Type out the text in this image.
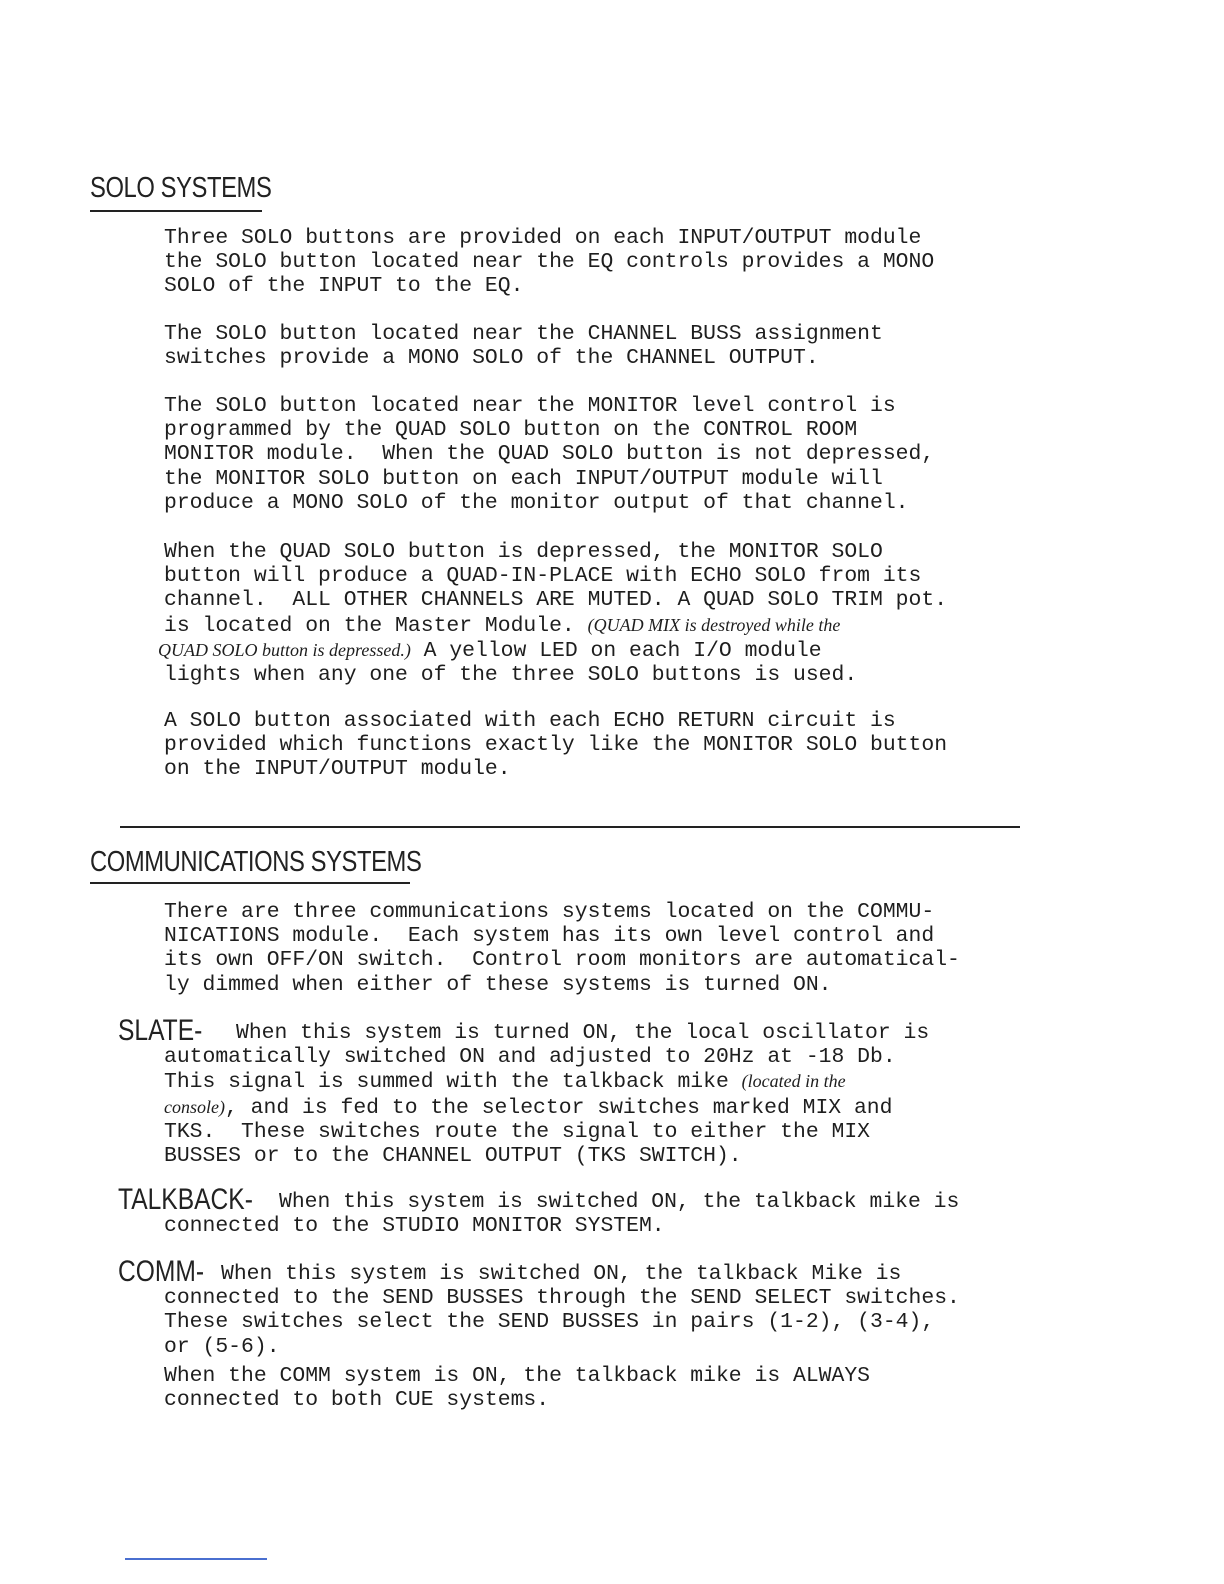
SOLO SYSTEMS
Three SOLO buttons are provided on each INPUT/OUTPUT module
the SOLO button located near the EQ controls provides a MONO
SOLO of the INPUT to the EQ.
The SOLO button located near the CHANNEL BUSS assignment
switches provide a MONO SOLO of the CHANNEL OUTPUT.
The SOLO button located near the MONITOR level control is
programmed by the QUAD SOLO button on the CONTROL ROOM
MONITOR module.  When the QUAD SOLO button is not depressed,
the MONITOR SOLO button on each INPUT/OUTPUT module will
produce a MONO SOLO of the monitor output of that channel.
When the QUAD SOLO button is depressed, the MONITOR SOLO
button will produce a QUAD-IN-PLACE with ECHO SOLO from its
channel.  ALL OTHER CHANNELS ARE MUTED. A QUAD SOLO TRIM pot.
is located on the Master Module. (QUAD MIX is destroyed while the
QUAD SOLO button is depressed.) A yellow LED on each I/O module
lights when any one of the three SOLO buttons is used.
A SOLO button associated with each ECHO RETURN circuit is
provided which functions exactly like the MONITOR SOLO button
on the INPUT/OUTPUT module.
COMMUNICATIONS SYSTEMS
There are three communications systems located on the COMMU-
NICATIONS module.  Each system has its own level control and
its own OFF/ON switch.  Control room monitors are automatical-
ly dimmed when either of these systems is turned ON.
SLATE- When this system is turned ON, the local oscillator is
automatically switched ON and adjusted to 20Hz at -18 Db.
This signal is summed with the talkback mike (located in the
console), and is fed to the selector switches marked MIX and
TKS.  These switches route the signal to either the MIX
BUSSES or to the CHANNEL OUTPUT (TKS SWITCH).
TALKBACK- When this system is switched ON, the talkback mike is
connected to the STUDIO MONITOR SYSTEM.
COMM- When this system is switched ON, the talkback Mike is
connected to the SEND BUSSES through the SEND SELECT switches.
These switches select the SEND BUSSES in pairs (1-2), (3-4),
or (5-6).
When the COMM system is ON, the talkback mike is ALWAYS
connected to both CUE systems.
